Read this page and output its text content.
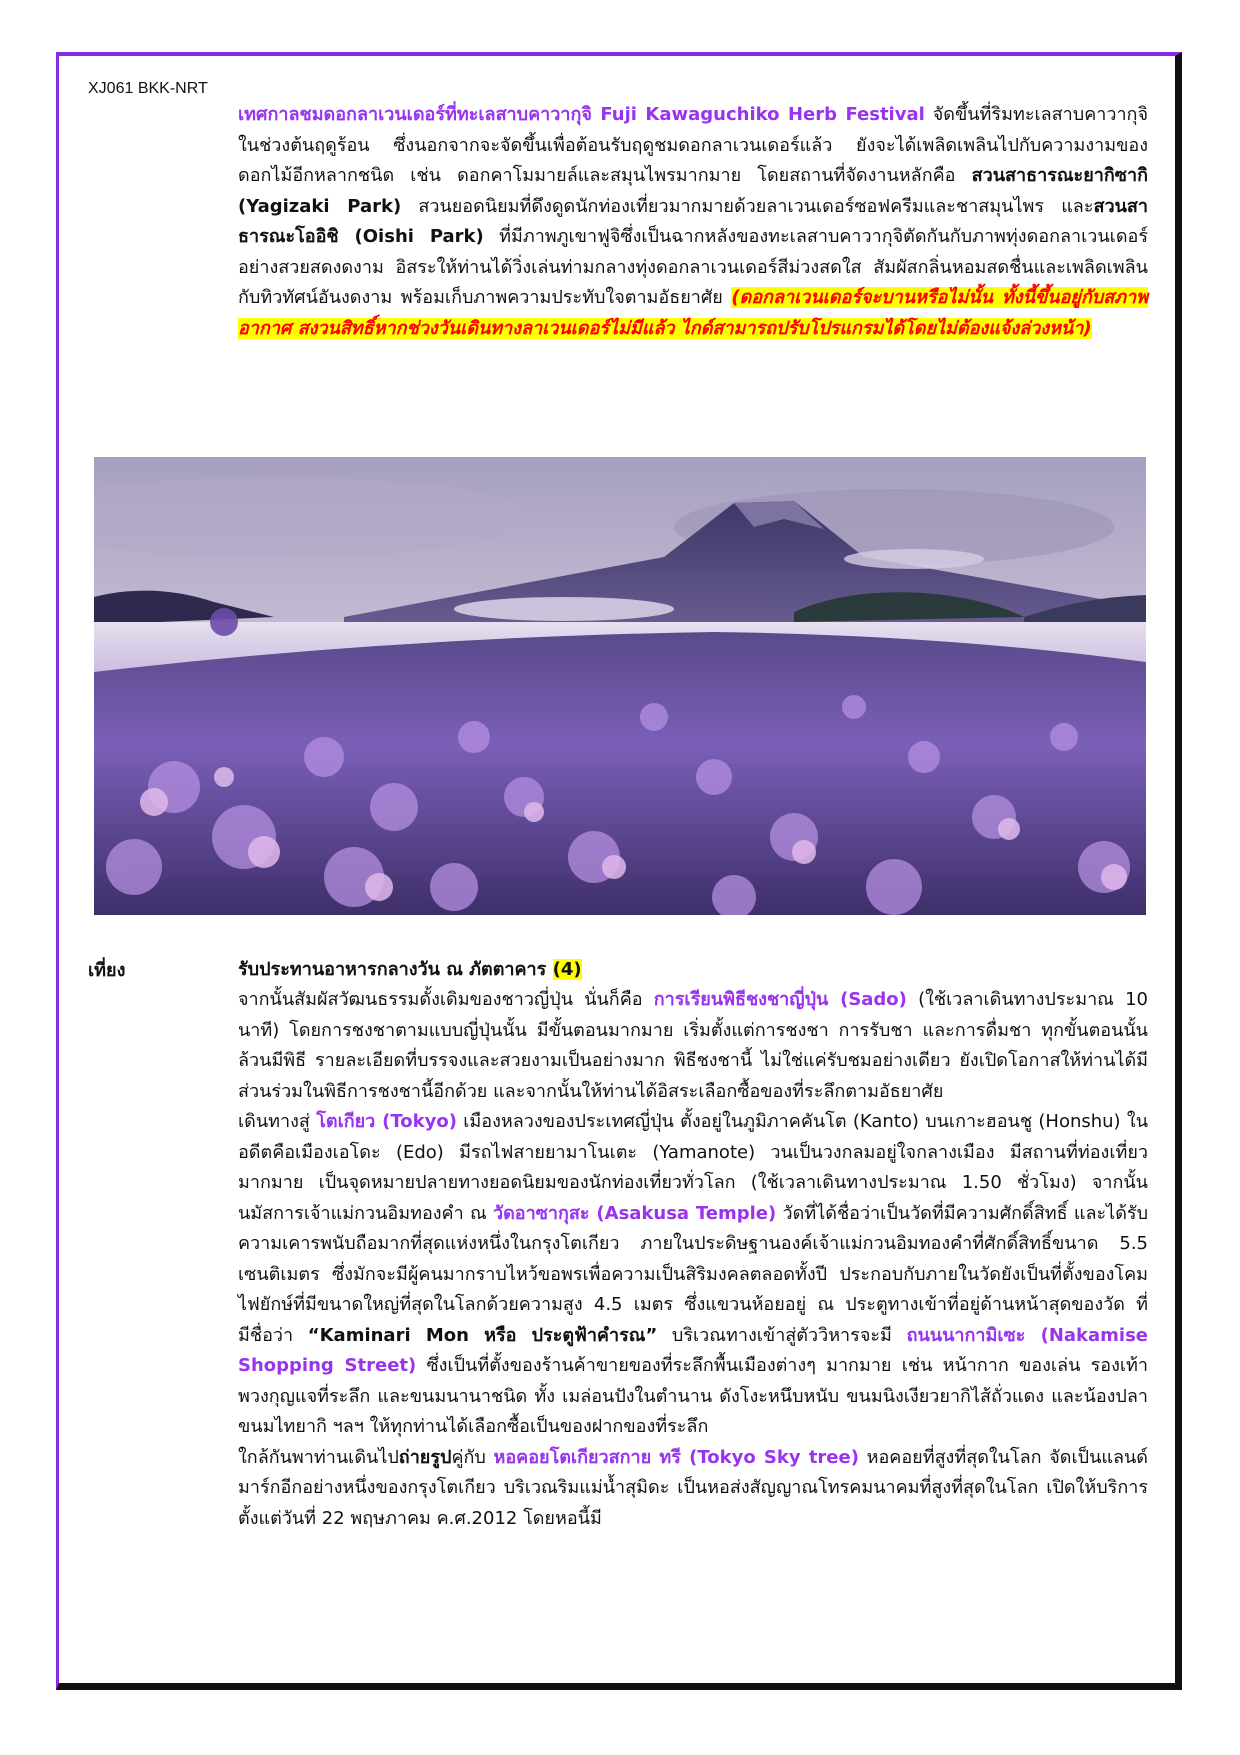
XJ061 BKK-NRT

เทศกาลชมดอกลาเวนเดอร์ที่ทะเลสาบคาวากุจิ Fuji Kawaguchiko Herb Festival จัดขึ้นที่ริมทะเลสาบคาวากุจิในช่วงต้นฤดูร้อน ซึ่งนอกจากจะจัดขึ้นเพื่อต้อนรับฤดูชมดอกลาเวนเดอร์แล้ว ยังจะได้เพลิดเพลินไปกับความงามของดอกไม้อีกหลากชนิด เช่น ดอกคาโมมายล์และสมุนไพรมากมาย โดยสถานที่จัดงานหลักคือ สวนสาธารณะยากิซากิ (Yagizaki Park) สวนยอดนิยมที่ดึงดูดนักท่องเที่ยวมากมายด้วยลาเวนเดอร์ซอฟครีมและชาสมุนไพร และสวนสาธารณะโออิชิ (Oishi Park) ที่มีภาพภูเขาฟูจิซึ่งเป็นฉากหลังของทะเลสาบคาวากุจิตัดกันกับภาพทุ่งดอกลาเวนเดอร์อย่างสวยสดงดงาม อิสระให้ท่านได้วิ่งเล่นท่ามกลางทุ่งดอกลาเวนเดอร์สีม่วงสดใส สัมผัสกลิ่นหอมสดชื่นและเพลิดเพลินกับทิวทัศน์อันงดงาม พร้อมเก็บภาพความประทับใจตามอัธยาศัย (ดอกลาเวนเดอร์จะบานหรือไม่นั้น ทั้งนี้ขึ้นอยู่กับสภาพอากาศ สงวนสิทธิ์หากช่วงวันเดินทางลาเวนเดอร์ไม่มีแล้ว ไกด์สามารถปรับโปรแกรมได้โดยไม่ต้องแจ้งล่วงหน้า)

เที่ยง	รับประทานอาหารกลางวัน ณ ภัตตาคาร (4)

จากนั้นสัมผัสวัฒนธรรมดั้งเดิมของชาวญี่ปุ่น นั่นก็คือ การเรียนพิธีชงชาญี่ปุ่น (Sado) (ใช้เวลาเดินทางประมาณ 10 นาที) โดยการชงชาตามแบบญี่ปุ่นนั้น มีขั้นตอนมากมาย เริ่มตั้งแต่การชงชา การรับชา และการดื่มชา ทุกขั้นตอนนั้นล้วนมีพิธี รายละเอียดที่บรรจงและสวยงามเป็นอย่างมาก พิธีชงชานี้ ไม่ใช่แค่รับชมอย่างเดียว ยังเปิดโอกาสให้ท่านได้มีส่วนร่วมในพิธีการชงชานี้อีกด้วย และจากนั้นให้ท่านได้อิสระเลือกซื้อของที่ระลึกตามอัธยาศัย
เดินทางสู่ โตเกียว (Tokyo) เมืองหลวงของประเทศญี่ปุ่น ตั้งอยู่ในภูมิภาคคันโต (Kanto) บนเกาะฮอนชู (Honshu) ในอดีตคือเมืองเอโดะ (Edo) มีรถไฟสายยามาโนเตะ (Yamanote) วนเป็นวงกลมอยู่ใจกลางเมือง มีสถานที่ท่องเที่ยวมากมาย เป็นจุดหมายปลายทางยอดนิยมของนักท่องเที่ยวทั่วโลก (ใช้เวลาเดินทางประมาณ 1.50 ชั่วโมง) จากนั้น นมัสการเจ้าแม่กวนอิมทองคำ ณ วัดอาซากุสะ (Asakusa Temple) วัดที่ได้ชื่อว่าเป็นวัดที่มีความศักดิ์สิทธิ์ และได้รับความเคารพนับถือมากที่สุดแห่งหนึ่งในกรุงโตเกียว ภายในประดิษฐานองค์เจ้าแม่กวนอิมทองคำที่ศักดิ์สิทธิ์ขนาด 5.5 เซนติเมตร ซึ่งมักจะมีผู้คนมากราบไหว้ขอพรเพื่อความเป็นสิริมงคลตลอดทั้งปี ประกอบกับภายในวัดยังเป็นที่ตั้งของโคมไฟยักษ์ที่มีขนาดใหญ่ที่สุดในโลกด้วยความสูง 4.5 เมตร ซึ่งแขวนห้อยอยู่ ณ ประตูทางเข้าที่อยู่ด้านหน้าสุดของวัด ที่มีชื่อว่า “Kaminari Mon หรือ ประตูฟ้าคำรณ” บริเวณทางเข้าสู่ตัววิหารจะมี ถนนนากามิเซะ (Nakamise Shopping Street) ซึ่งเป็นที่ตั้งของร้านค้าขายของที่ระลึกพื้นเมืองต่างๆ มากมาย เช่น หน้ากาก ของเล่น รองเท้า พวงกุญแจที่ระลึก และขนมนานาชนิด ทั้ง เมล่อนปังในตำนาน ดังโงะหนึบหนับ ขนมนิงเงียวยากิไส้ถั่วแดง และน้องปลาขนมไทยากิ ฯลฯ ให้ทุกท่านได้เลือกซื้อเป็นของฝากของที่ระลึก
ใกล้กันพาท่านเดินไปถ่ายรูปคู่กับ หอคอยโตเกียวสกาย ทรี (Tokyo Sky tree) หอคอยที่สูงที่สุดในโลก จัดเป็นแลนด์มาร์กอีกอย่างหนึ่งของกรุงโตเกียว บริเวณริมแม่น้ำสุมิดะ เป็นหอส่งสัญญาณโทรคมนาคมที่สูงที่สุดในโลก เปิดให้บริการตั้งแต่วันที่ 22 พฤษภาคม ค.ศ.2012 โดยหอนี้มี
